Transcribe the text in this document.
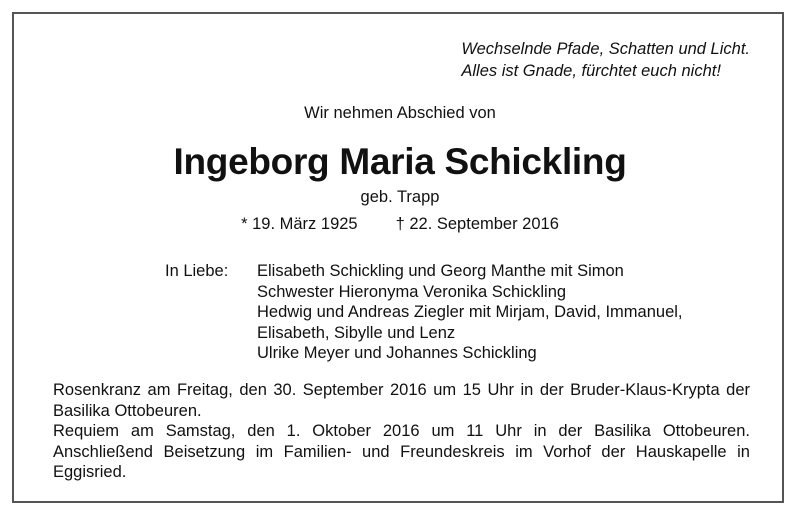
Wechselnde Pfade, Schatten und Licht.
Alles ist Gnade, fürchtet euch nicht!
Wir nehmen Abschied von
Ingeborg Maria Schickling
geb. Trapp
* 19. März 1925 † 22. September 2016
In Liebe:	Elisabeth Schickling und Georg Manthe mit Simon
Schwester Hieronyma Veronika Schickling
Hedwig und Andreas Ziegler mit Mirjam, David, Immanuel,
Elisabeth, Sibylle und Lenz
Ulrike Meyer und Johannes Schickling

Rosenkranz am Freitag, den 30. September 2016 um 15 Uhr in der Bruder-Klaus-Krypta der Basilika Ottobeuren.

Requiem am Samstag, den 1. Oktober 2016 um 11 Uhr in der Basilika Ottobeuren. Anschließend Beisetzung im Familien- und Freundeskreis im Vorhof der Hauskapelle in Eggisried.
